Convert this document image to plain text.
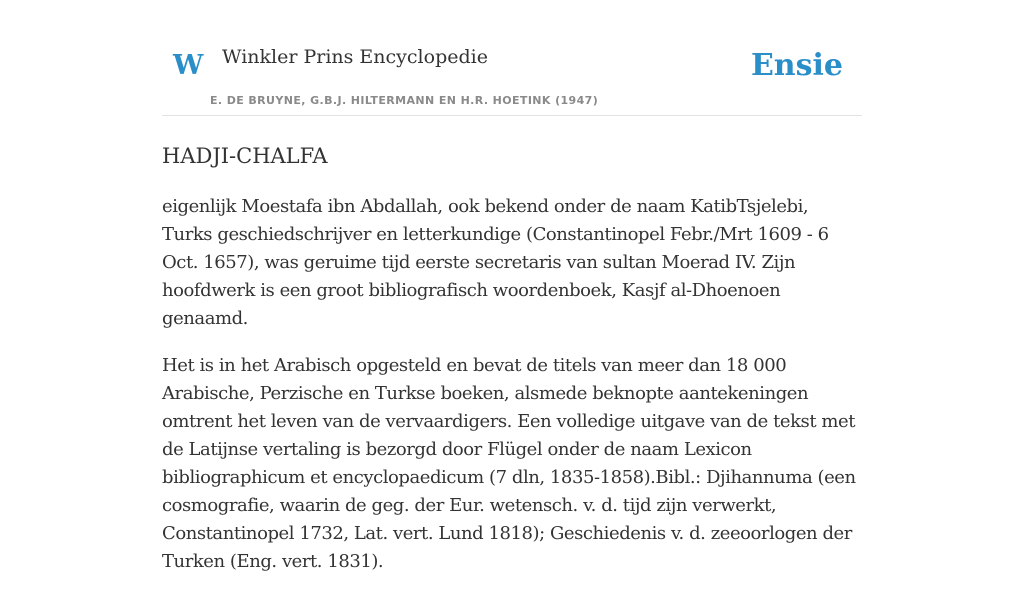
W Winkler Prins Encyclopedie
E. DE BRUYNE, G.B.J. HILTERMANN EN H.R. HOETINK (1947)
Ensie
HADJI-CHALFA

eigenlijk Moestafa ibn Abdallah, ook bekend onder de naam KatibTsjelebi, Turks geschiedschrijver en letterkundige (Constantinopel Febr./Mrt 1609 - 6 Oct. 1657), was geruime tijd eerste secretaris van sultan Moerad IV. Zijn hoofdwerk is een groot bibliografisch woordenboek, Kasjf al-Dhoenoen genaamd.

Het is in het Arabisch opgesteld en bevat de titels van meer dan 18 000 Arabische, Perzische en Turkse boeken, alsmede beknopte aantekeningen omtrent het leven van de vervaardigers. Een volledige uitgave van de tekst met de Latijnse vertaling is bezorgd door Flügel onder de naam Lexicon bibliographicum et encyclopaedicum (7 dln, 1835-1858).Bibl.: Djihannuma (een cosmografie, waarin de geg. der Eur. wetensch. v. d. tijd zijn verwerkt, Constantinopel 1732, Lat. vert. Lund 1818); Geschiedenis v. d. zeeoorlogen der Turken (Eng. vert. 1831).
